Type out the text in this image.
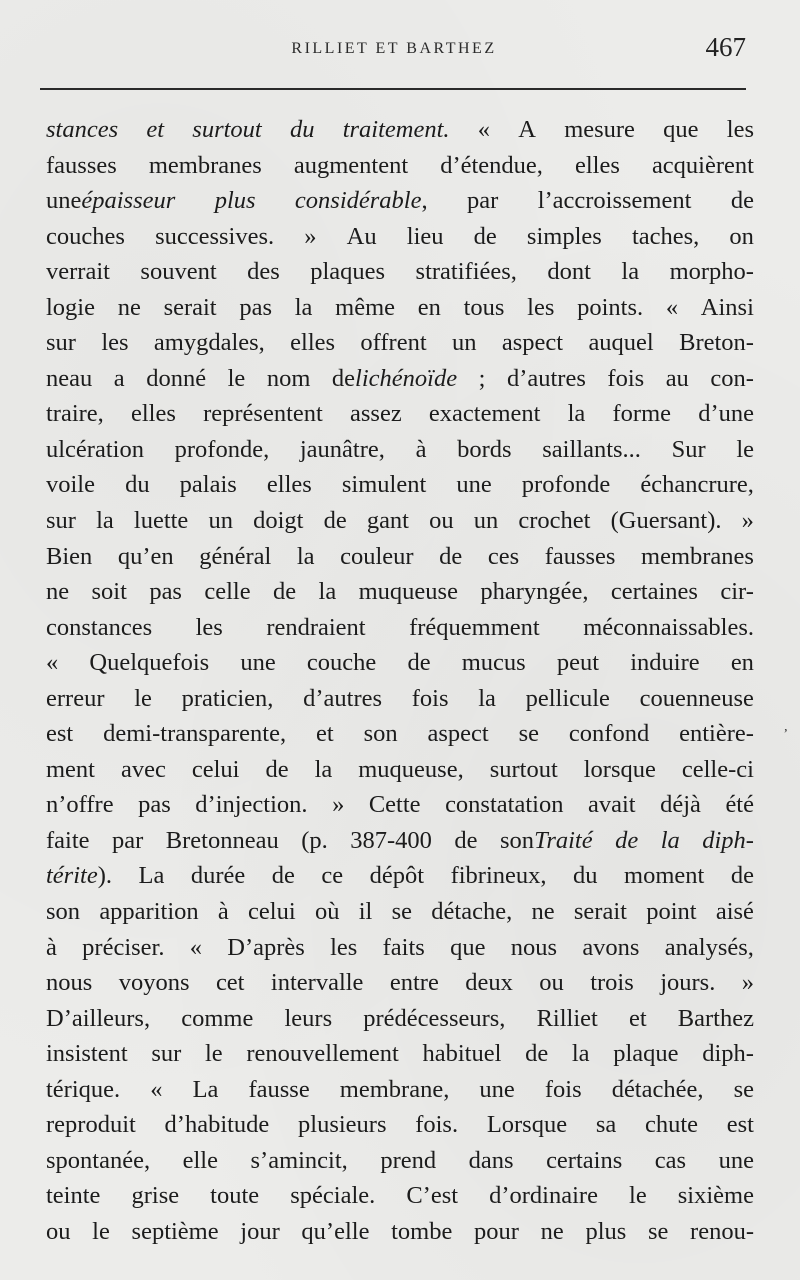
RILLIET ET BARTHEZ	467
stances et surtout du traitement. « A mesure que les
fausses membranes augmentent d’étendue, elles acquièrent
uneépaisseur plus considérable, par l’accroissement de
couches successives. » Au lieu de simples taches, on
verrait souvent des plaques stratifiées, dont la morpho-
logie ne serait pas la même en tous les points. « Ainsi
sur les amygdales, elles offrent un aspect auquel Breton-
neau a donné le nom delichénoïde ; d’autres fois au con-
traire, elles représentent assez exactement la forme d’une
ulcération profonde, jaunâtre, à bords saillants... Sur le
voile du palais elles simulent une profonde échancrure,
sur la luette un doigt de gant ou un crochet (Guersant). »
Bien qu’en général la couleur de ces fausses membranes
ne soit pas celle de la muqueuse pharyngée, certaines cir-
constances les rendraient fréquemment méconnaissables.
« Quelquefois une couche de mucus peut induire en
erreur le praticien, d’autres fois la pellicule couenneuse
est demi-transparente, et son aspect se confond entière-
ment avec celui de la muqueuse, surtout lorsque celle-ci
n’offre pas d’injection. » Cette constatation avait déjà été
faite par Bretonneau (p. 387-400 de sonTraité de la diph-
térite). La durée de ce dépôt fibrineux, du moment de
son apparition à celui où il se détache, ne serait point aisé
à préciser. « D’après les faits que nous avons analysés,
nous voyons cet intervalle entre deux ou trois jours. »
D’ailleurs, comme leurs prédécesseurs, Rilliet et Barthez
insistent sur le renouvellement habituel de la plaque diph-
térique. « La fausse membrane, une fois détachée, se
reproduit d’habitude plusieurs fois. Lorsque sa chute est
spontanée, elle s’amincit, prend dans certains cas une
teinte grise toute spéciale. C’est d’ordinaire le sixième
ou le septième jour qu’elle tombe pour ne plus se renou-
’
